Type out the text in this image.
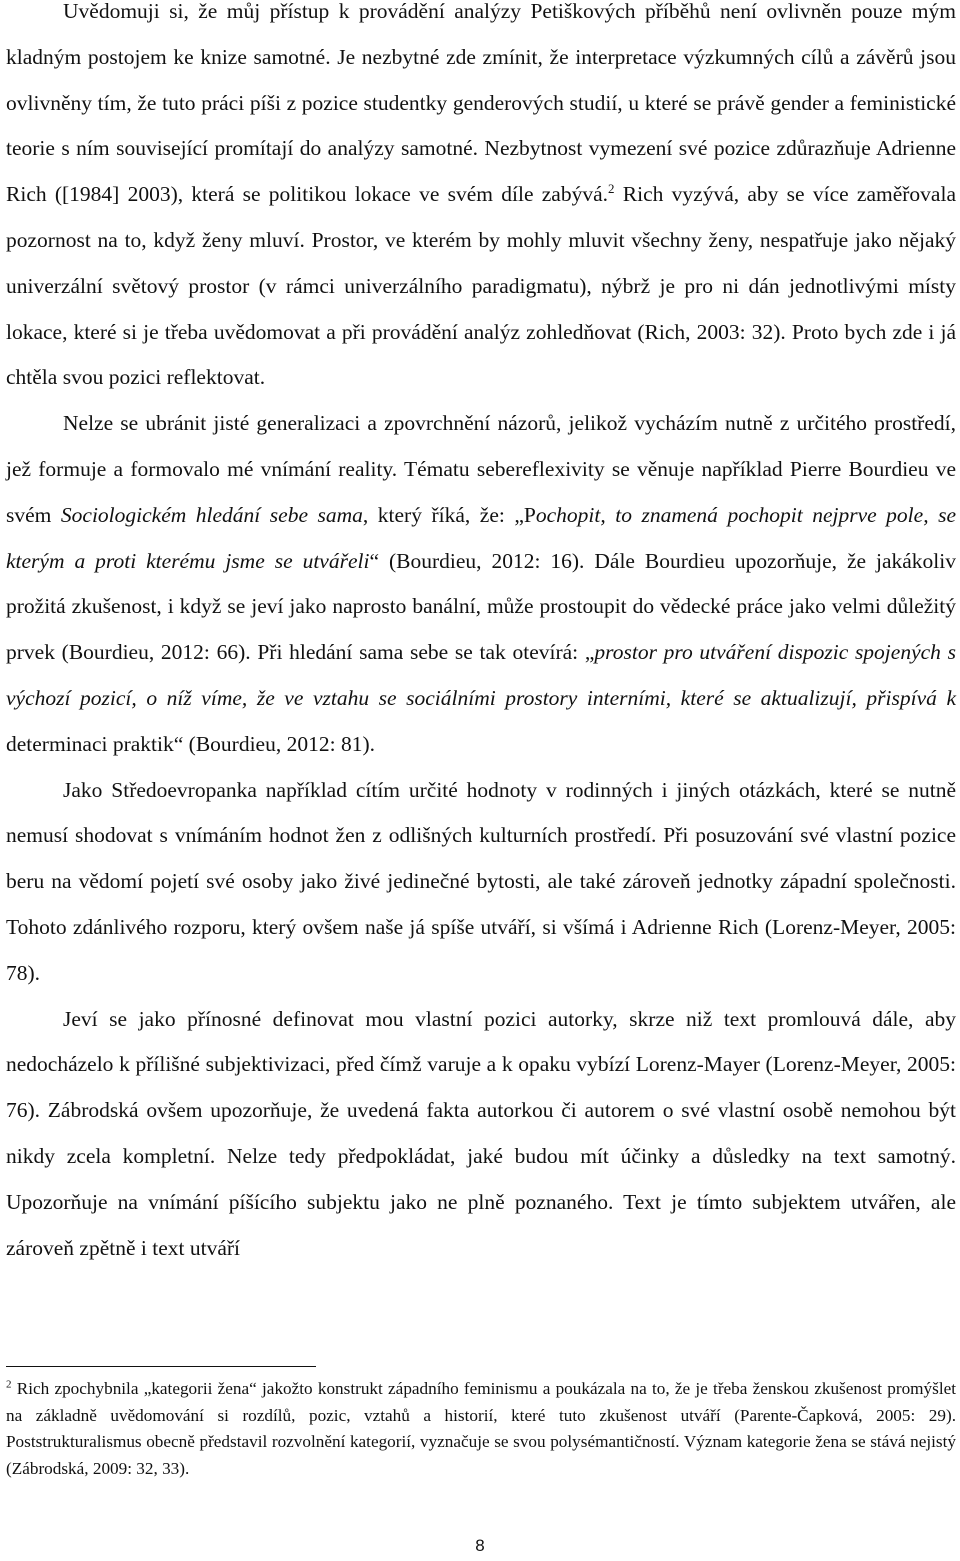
Uvědomuji si, že můj přístup k provádění analýzy Petiškových příběhů není ovlivněn pouze mým kladným postojem ke knize samotné. Je nezbytné zde zmínit, že interpretace výzkumných cílů a závěrů jsou ovlivněny tím, že tuto práci píši z pozice studentky genderových studií, u které se právě gender a feministické teorie s ním související promítají do analýzy samotné. Nezbytnost vymezení své pozice zdůrazňuje Adrienne Rich ([1984] 2003), která se politikou lokace ve svém díle zabývá.$^2$ Rich vyzývá, aby se více zaměřovala pozornost na to, když ženy mluví. Prostor, ve kterém by mohly mluvit všechny ženy, nespatřuje jako nějaký univerzální světový prostor (v rámci univerzálního paradigmatu), nýbrž je pro ni dán jednotlivými místy lokace, které si je třeba uvědomovat a při provádění analýz zohledňovat (Rich, 2003: 32). Proto bych zde i já chtěla svou pozici reflektovat.

Nelze se ubránit jisté generalizaci a zpovrchnění názorů, jelikož vycházím nutně z určitého prostředí, jež formuje a formovalo mé vnímání reality. Tématu sebereflexivity se věnuje například Pierre Bourdieu ve svém Sociologickém hledání sebe sama, který říká, že: „Pochopit, to znamená pochopit nejprve pole, se kterým a proti kterému jsme se utvářeli“ (Bourdieu, 2012: 16). Dále Bourdieu upozorňuje, že jakákoliv prožitá zkušenost, i když se jeví jako naprosto banální, může prostoupit do vědecké práce jako velmi důležitý prvek (Bourdieu, 2012: 66). Při hledání sama sebe se tak otevírá: „prostor pro utváření dispozic spojených s výchozí pozicí, o níž víme, že ve vztahu se sociálními prostory interními, které se aktualizují, přispívá k determinaci praktik“ (Bourdieu, 2012: 81).

Jako Středoevropanka například cítím určité hodnoty v rodinných i jiných otázkách, které se nutně nemusí shodovat s vnímáním hodnot žen z odlišných kulturních prostředí. Při posuzování své vlastní pozice beru na vědomí pojetí své osoby jako živé jedinečné bytosti, ale také zároveň jednotky západní společnosti. Tohoto zdánlivého rozporu, který ovšem naše já spíše utváří, si všímá i Adrienne Rich (Lorenz-Meyer, 2005: 78).

Jeví se jako přínosné definovat mou vlastní pozici autorky, skrze niž text promlouvá dále, aby nedocházelo k přílišné subjektivizaci, před čímž varuje a k opaku vybízí Lorenz-Mayer (Lorenz-Meyer, 2005: 76). Zábrodská ovšem upozorňuje, že uvedená fakta autorkou či autorem o své vlastní osobě nemohou být nikdy zcela kompletní. Nelze tedy předpokládat, jaké budou mít účinky a důsledky na text samotný. Upozorňuje na vnímání píšícího subjektu jako ne plně poznaného. Text je tímto subjektem utvářen, ale zároveň zpětně i text utváří

$^2$ Rich zpochybnila „kategorii žena“ jakožto konstrukt západního feminismu a poukázala na to, že je třeba ženskou zkušenost promýšlet na základně uvědomování si rozdílů, pozic, vztahů a historií, které tuto zkušenost utváří (Parente-Čapková, 2005: 29). Poststrukturalismus obecně představil rozvolnění kategorií, vyznačuje se svou polysémantičností. Význam kategorie žena se stává nejistý (Zábrodská, 2009: 32, 33).

8
